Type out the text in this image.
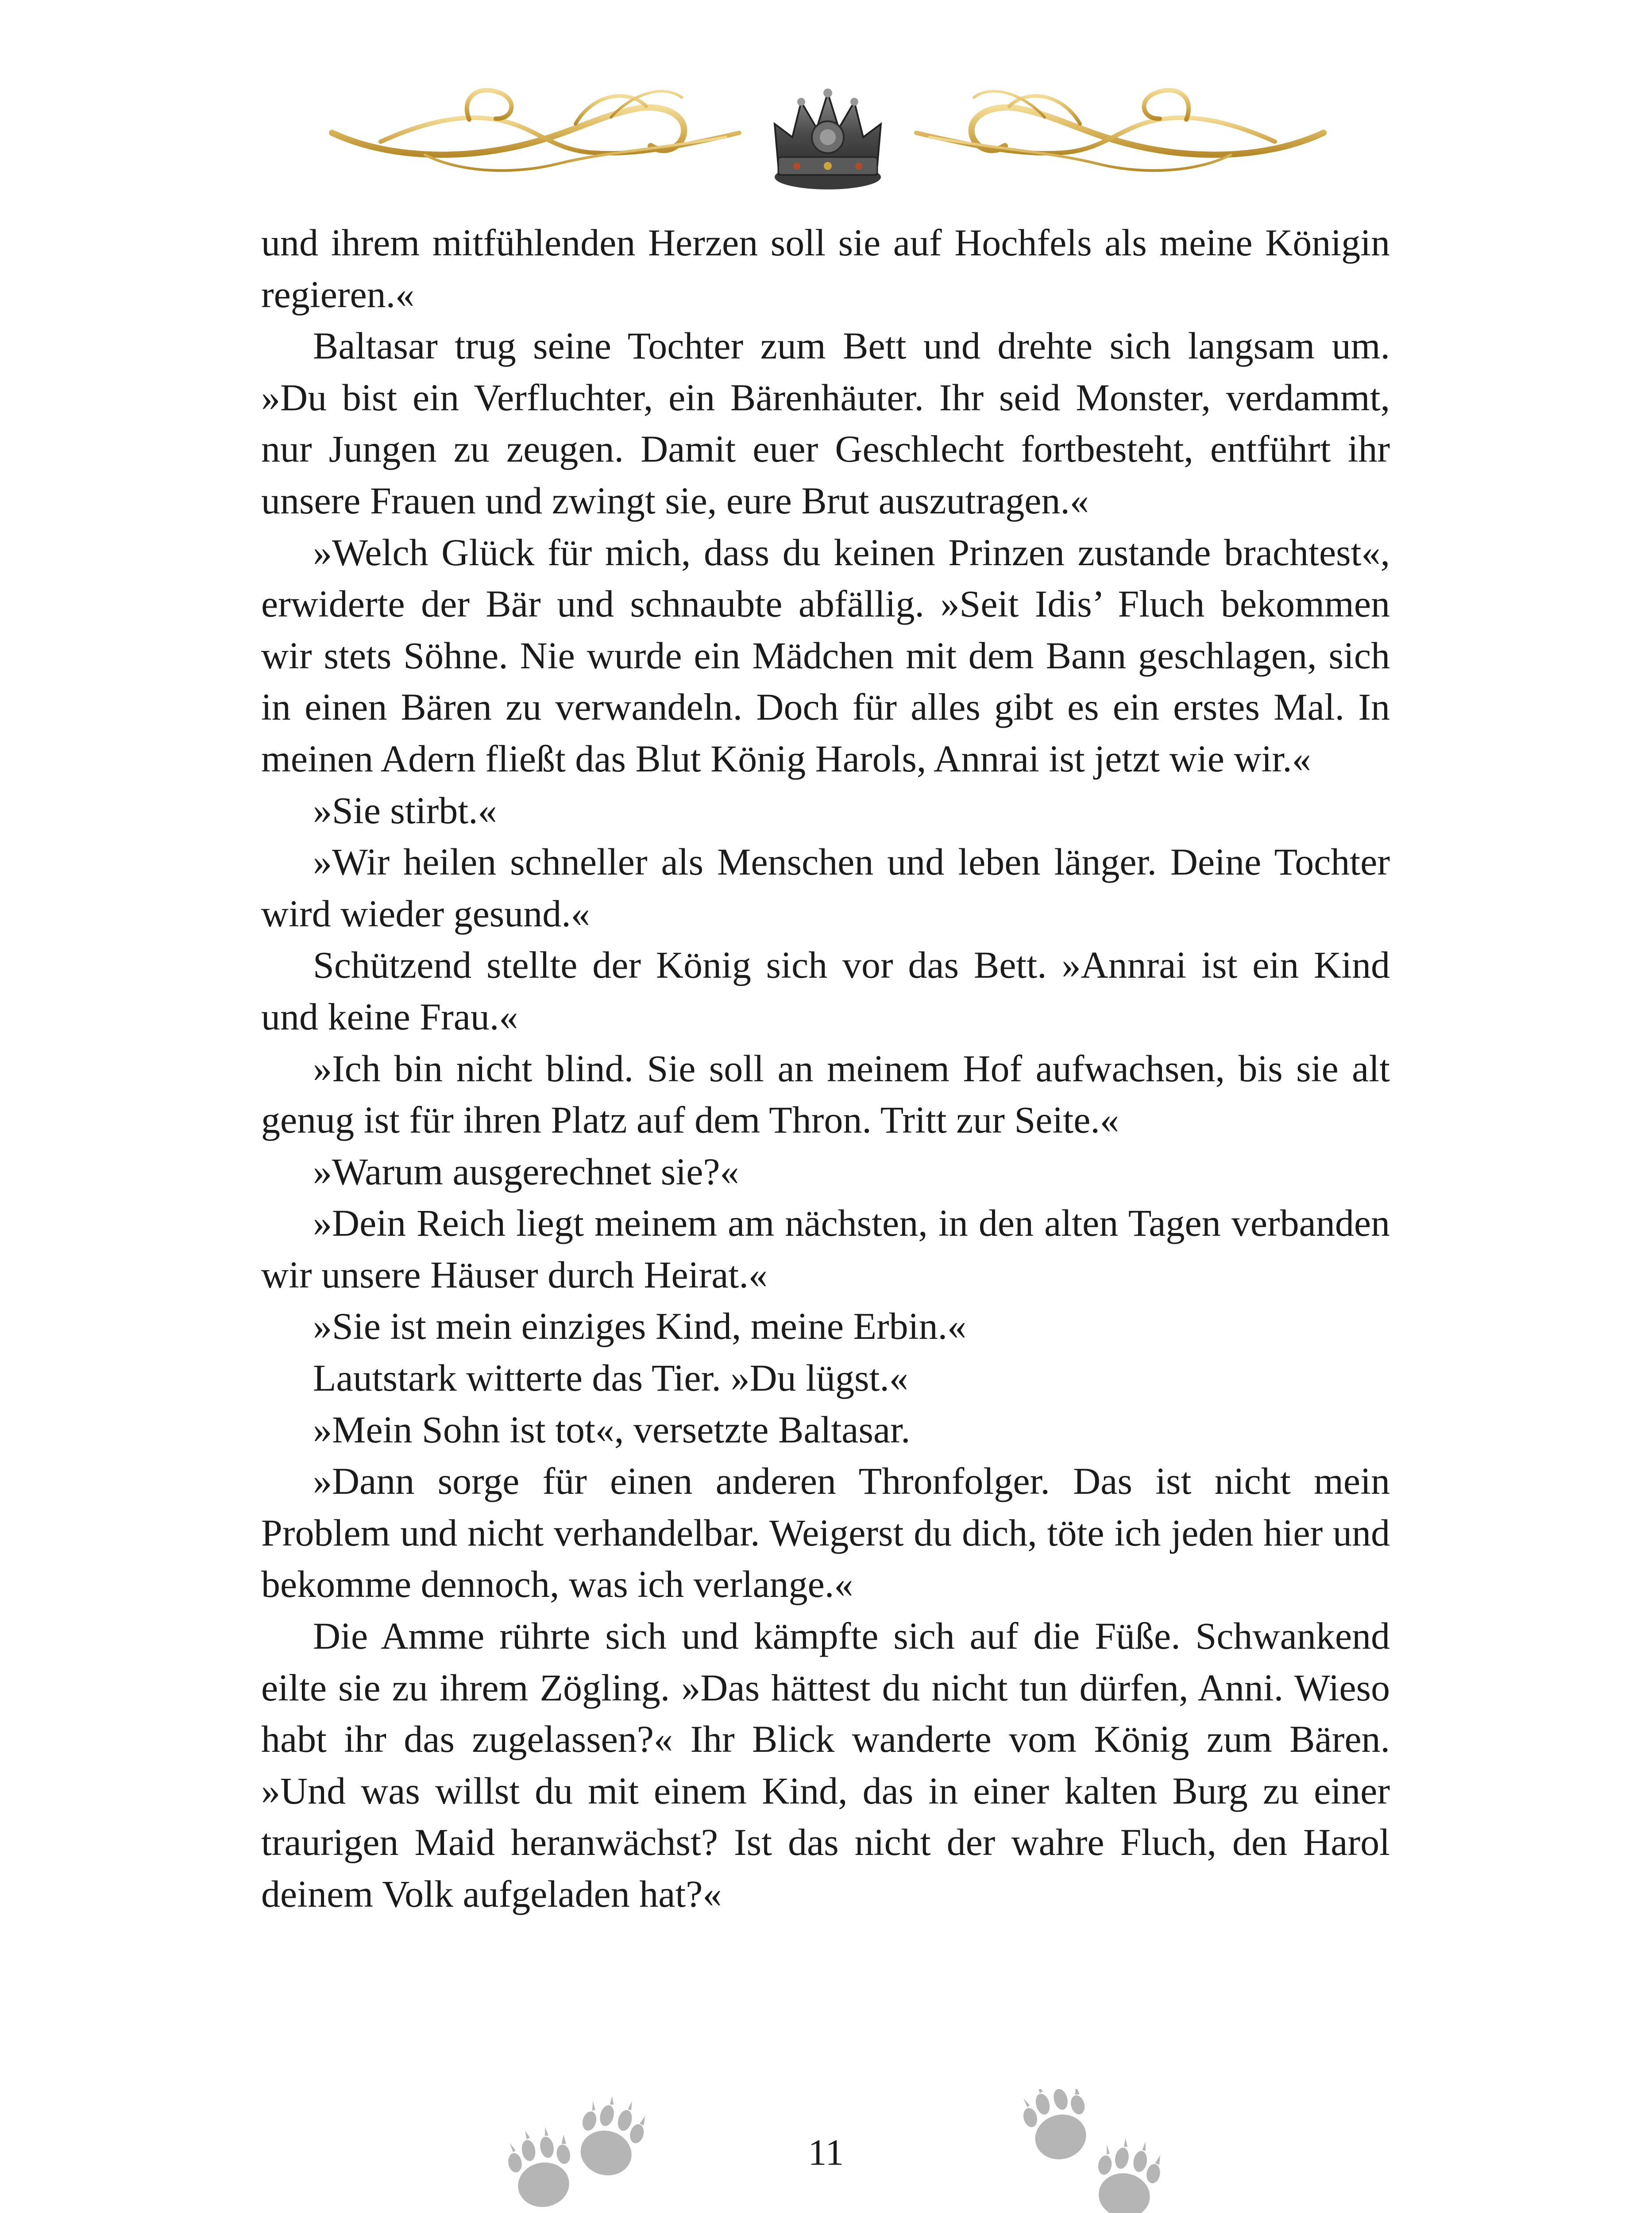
und ihrem mitfühlenden Herzen soll sie auf Hochfels als meine Königin regieren.«

Baltasar trug seine Tochter zum Bett und drehte sich langsam um. »Du bist ein Verfluchter, ein Bärenhäuter. Ihr seid Monster, verdammt, nur Jungen zu zeugen. Damit euer Geschlecht fortbesteht, entführt ihr unsere Frauen und zwingt sie, eure Brut auszutragen.«

»Welch Glück für mich, dass du keinen Prinzen zustande brachtest«, erwiderte der Bär und schnaubte abfällig. »Seit Idis’ Fluch bekommen wir stets Söhne. Nie wurde ein Mädchen mit dem Bann geschlagen, sich in einen Bären zu verwandeln. Doch für alles gibt es ein erstes Mal. In meinen Adern fließt das Blut König Harols, Annrai ist jetzt wie wir.«

»Sie stirbt.«

»Wir heilen schneller als Menschen und leben länger. Deine Tochter wird wieder gesund.«

Schützend stellte der König sich vor das Bett. »Annrai ist ein Kind und keine Frau.«

»Ich bin nicht blind. Sie soll an meinem Hof aufwachsen, bis sie alt genug ist für ihren Platz auf dem Thron. Tritt zur Seite.«

»Warum ausgerechnet sie?«

»Dein Reich liegt meinem am nächsten, in den alten Tagen verbanden wir unsere Häuser durch Heirat.«

»Sie ist mein einziges Kind, meine Erbin.«

Lautstark witterte das Tier. »Du lügst.«

»Mein Sohn ist tot«, versetzte Baltasar.

»Dann sorge für einen anderen Thronfolger. Das ist nicht mein Problem und nicht verhandelbar. Weigerst du dich, töte ich jeden hier und bekomme dennoch, was ich verlange.«

Die Amme rührte sich und kämpfte sich auf die Füße. Schwankend eilte sie zu ihrem Zögling. »Das hättest du nicht tun dürfen, Anni. Wieso habt ihr das zugelassen?« Ihr Blick wanderte vom König zum Bären. »Und was willst du mit einem Kind, das in einer kalten Burg zu einer traurigen Maid heranwächst? Ist das nicht der wahre Fluch, den Harol deinem Volk aufgeladen hat?«

11
